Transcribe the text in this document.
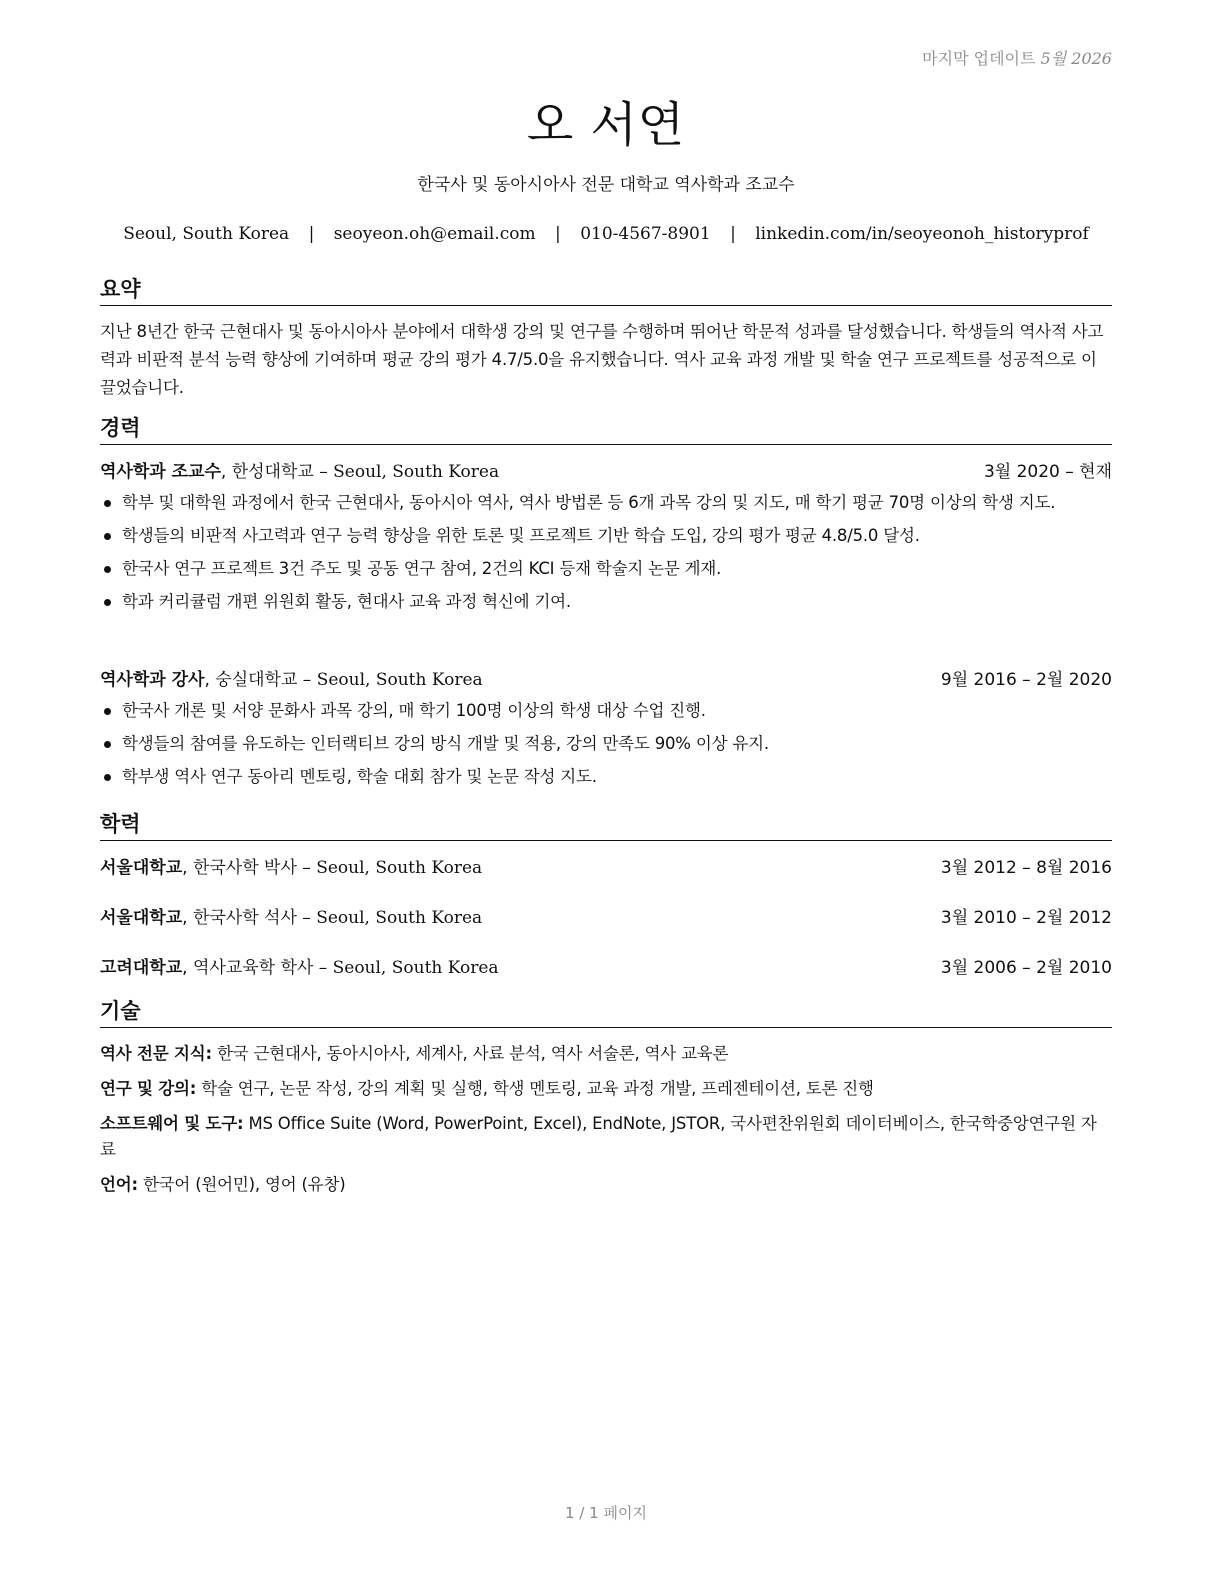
마지막 업데이트 5월 2026
오 서연
한국사 및 동아시아사 전문 대학교 역사학과 조교수
Seoul, South Korea | seoyeon.oh@email.com | 010-4567-8901 | linkedin.com/in/seoyeonoh_historyprof
요약
지난 8년간 한국 근현대사 및 동아시아사 분야에서 대학생 강의 및 연구를 수행하며 뛰어난 학문적 성과를 달성했습니다. 학생들의 역사적 사고력과 비판적 분석 능력 향상에 기여하며 평균 강의 평가 4.7/5.0을 유지했습니다. 역사 교육 과정 개발 및 학술 연구 프로젝트를 성공적으로 이끌었습니다.
경력
역사학과 조교수, 한성대학교 – Seoul, South Korea	3월 2020 – 현재
학부 및 대학원 과정에서 한국 근현대사, 동아시아 역사, 역사 방법론 등 6개 과목 강의 및 지도, 매 학기 평균 70명 이상의 학생 지도.
학생들의 비판적 사고력과 연구 능력 향상을 위한 토론 및 프로젝트 기반 학습 도입, 강의 평가 평균 4.8/5.0 달성.
한국사 연구 프로젝트 3건 주도 및 공동 연구 참여, 2건의 KCI 등재 학술지 논문 게재.
학과 커리큘럼 개편 위원회 활동, 현대사 교육 과정 혁신에 기여.
역사학과 강사, 숭실대학교 – Seoul, South Korea	9월 2016 – 2월 2020
한국사 개론 및 서양 문화사 과목 강의, 매 학기 100명 이상의 학생 대상 수업 진행.
학생들의 참여를 유도하는 인터랙티브 강의 방식 개발 및 적용, 강의 만족도 90% 이상 유지.
학부생 역사 연구 동아리 멘토링, 학술 대회 참가 및 논문 작성 지도.
학력
서울대학교, 한국사학 박사 – Seoul, South Korea	3월 2012 – 8월 2016
서울대학교, 한국사학 석사 – Seoul, South Korea	3월 2010 – 2월 2012
고려대학교, 역사교육학 학사 – Seoul, South Korea	3월 2006 – 2월 2010
기술
역사 전문 지식: 한국 근현대사, 동아시아사, 세계사, 사료 분석, 역사 서술론, 역사 교육론
연구 및 강의: 학술 연구, 논문 작성, 강의 계획 및 실행, 학생 멘토링, 교육 과정 개발, 프레젠테이션, 토론 진행
소프트웨어 및 도구: MS Office Suite (Word, PowerPoint, Excel), EndNote, JSTOR, 국사편찬위원회 데이터베이스, 한국학중앙연구원 자료
언어: 한국어 (원어민), 영어 (유창)
1 / 1 페이지
